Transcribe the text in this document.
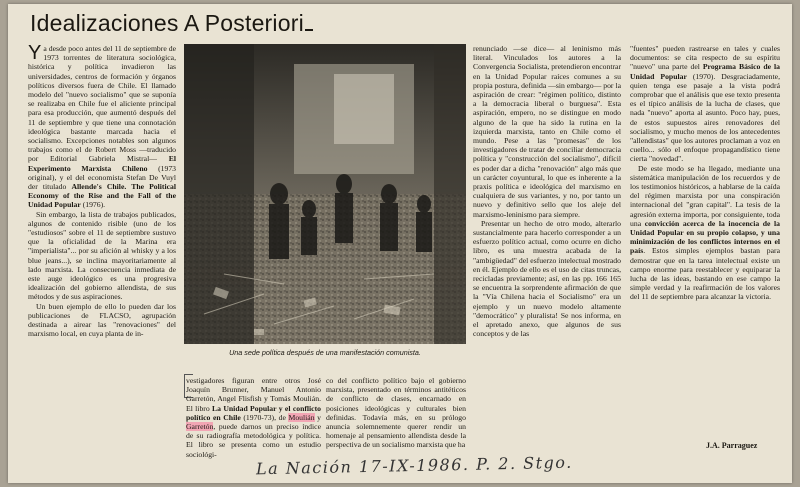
Idealizaciones A Posteriori
Ya desde poco antes del 11 de septiembre de 1973 torrentes de literatura sociológica, histórica y política invadieron las universidades, centros de formación y órganos políticos diversos fuera de Chile. El llamado modelo del "nuevo socialismo" que se suponía se realizaba en Chile fue el aliciente principal para esa producción, que aumentó después del 11 de septiembre y que tiene una connotación ideológica bastante marcada hacia el socialismo. Excepciones notables son algunos trabajos como el de Robert Moss —traducido por Editorial Gabriela Mistral— El Experimento Marxista Chileno (1973 original), y el del economista Stefan De Vuyl der titulado Allende's Chile. The Political Economy of the Rise and the Fall of the Unidad Popular (1976).
Sin embargo, la lista de trabajos publicados, algunos de contenido risible (uno de los "estudiosos" sobre el 11 de septiembre sustuvo que la oficialidad de la Marina era "imperialista"... por su afición al whisky y a los blue jeans...), se inclina mayoritariamente al lado marxista. La consecuencia inmediata de este auge ideológico es una progresiva idealización del gobierno allendista, de sus métodos y de sus aspiraciones.
Un buen ejemplo de ello lo pueden dar los publicaciones de FLACSO, agrupación destinada a airear las "renovaciones" del marxismo local, en cuya planta de in-

Una sede política después de una manifestación comunista.

vestigadores figuran entre otros José Joaquín Brunner, Manuel Antonio Garretón, Angel Flisfish y Tomás Moulián. El libro La Unidad Popular y el conflicto político en Chile (1970-73), de Moulián y Garretón, puede darnos un preciso índice de su radiografía metodológica y política. El libro se presenta como un estudio sociológi-
co del conflicto político bajo el gobierno marxista, presentado en términos antitéticos de conflicto de clases, encarnado en posiciones ideológicas y culturales bien definidas. Todavía más, en su prólogo anuncia solemnemente querer rendir un homenaje al pensamiento allendista desde la perspectiva de un socialismo marxista que ha
renunciado —se dice— al leninismo más literal. Vinculados los autores a la Convergencia Socialista, pretendieron encontrar en la Unidad Popular raíces comunes a su propia postura, definida —sin embargo— por la aspiración de crear: "régimen político, distinto a la democracia liberal o burguesa". Esta aspiración, empero, no se distingue en modo alguno de la que ha sido la rutina en la izquierda marxista, tanto en Chile como el mundo. Pese a las "promesas" de los investigadores de tratar de conciliar democracia política y "construcción del socialismo", difícil es poder dar a dicha "renovación" algo más que un carácter coyuntural, lo que es inherente a la praxis política e ideológica del marxismo en cualquiera de sus variantes, y no, por tanto un nuevo y definitivo sello que los aleje del marxismo-leninismo para siempre.
Presentar un hecho de otro modo, alterarlo sustancialmente para hacerlo corresponder a un esfuerzo político actual, como ocurre en dicho libro, es una muestra acabada de la "ambigüedad" del esfuerzo intelectual mostrado en él. Ejemplo de ello es el uso de citas truncas, recicladas previamente; así, en las pp. 166 165 se encuentra la sorprendente afirmación de que la "Vía Chilena hacia el Socialismo" era un ejemplo y un nuevo modelo altamente "democrático" y pluralista! Se nos informa, en el apretado anexo, que algunos de sus conceptos y de las
"fuentes" pueden rastrearse en tales y cuales documentos: se cita respecto de su espíritu "nuevo" una parte del Programa Básico de la Unidad Popular (1970). Desgraciadamente, quien tenga ese pasaje a la vista podrá comprobar que el análisis que ese texto presenta es el típico análisis de la lucha de clases, que nada "nuevo" aporta al asunto. Poco hay, pues, de estos supuestos aires renovadores del socialismo, y mucho menos de los antecedentes "allendistas" que los autores proclaman a voz en cuello... sólo el enfoque propagandístico tiene cierta "novedad".
De este modo se ha llegado, mediante una sistemática manipulación de los recuerdos y de los testimonios históricos, a hablarse de la caída del régimen marxista por una conspiración internacional del "gran capital". La tesis de la agresión externa importa, por consiguiente, toda una convicción acerca de la inocencia de la Unidad Popular en su propio colapso, y una minimización de los conflictos internos en el país. Estos simples ejemplos bastan para demostrar que en la tarea intelectual existe un campo enorme para reestablecer y equiparar la lucha de las ideas, bastando en ese campo la simple verdad y la reafirmación de los valores del 11 de septiembre para alcanzar la victoria.

J.A. Parraguez

La Nación 17-IX-1986. P. 2. Stgo.
